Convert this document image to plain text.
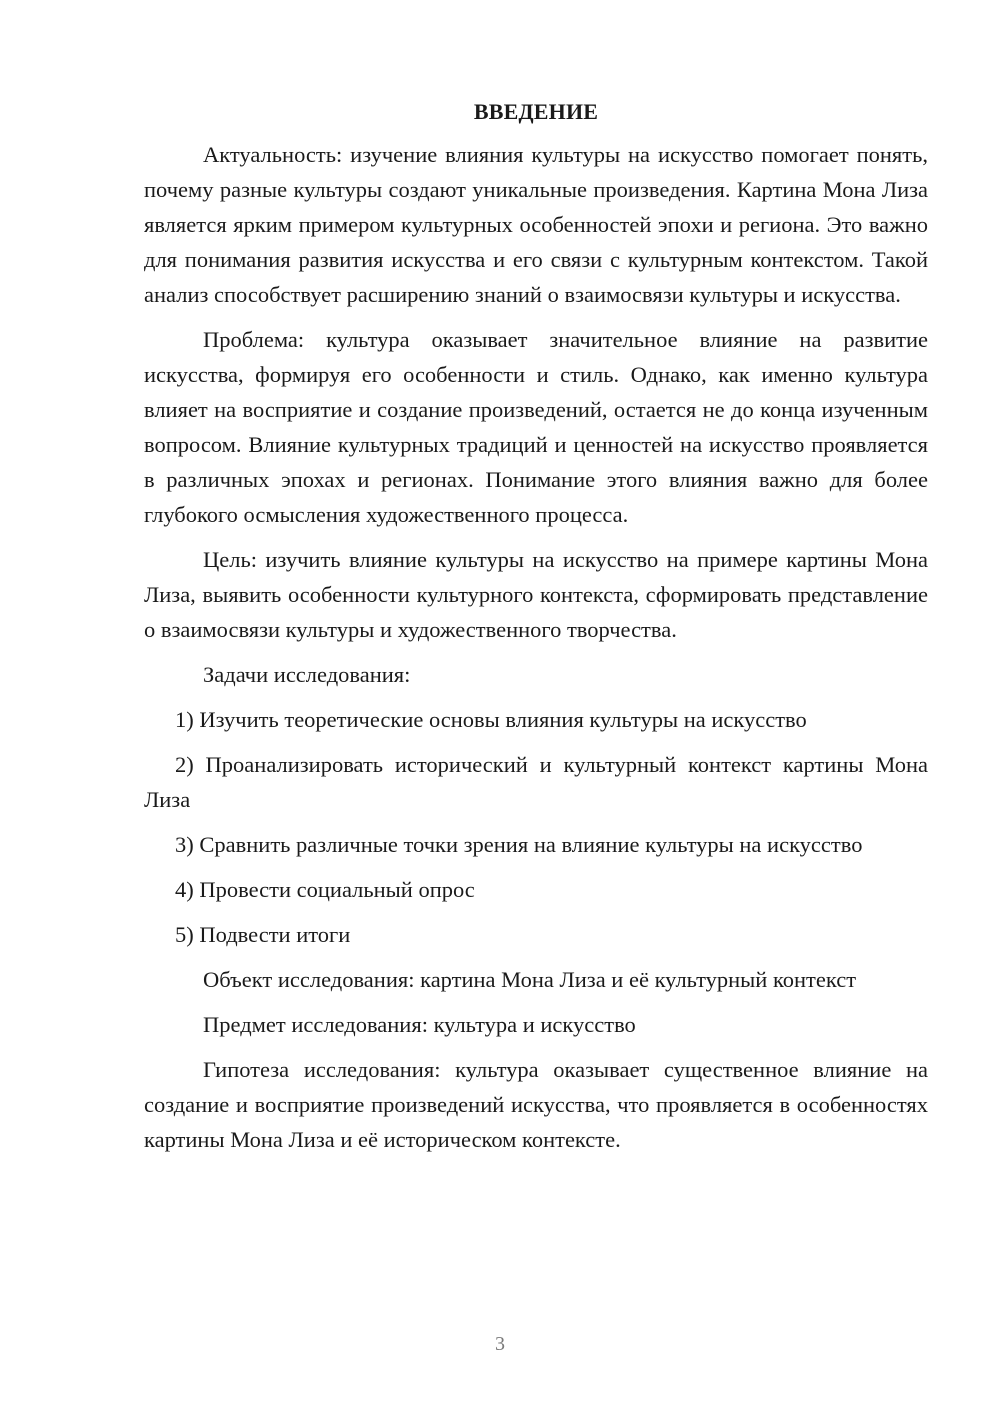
ВВЕДЕНИЕ

Актуальность: изучение влияния культуры на искусство помогает понять, почему разные культуры создают уникальные произведения. Картина Мона Лиза является ярким примером культурных особенностей эпохи и региона. Это важно для понимания развития искусства и его связи с культурным контекстом. Такой анализ способствует расширению знаний о взаимосвязи культуры и искусства.

Проблема: культура оказывает значительное влияние на развитие искусства, формируя его особенности и стиль. Однако, как именно культура влияет на восприятие и создание произведений, остается не до конца изученным вопросом. Влияние культурных традиций и ценностей на искусство проявляется в различных эпохах и регионах. Понимание этого влияния важно для более глубокого осмысления художественного процесса.

Цель: изучить влияние культуры на искусство на примере картины Мона Лиза, выявить особенности культурного контекста, сформировать представление о взаимосвязи культуры и художественного творчества.

Задачи исследования:

1) Изучить теоретические основы влияния культуры на искусство

2) Проанализировать исторический и культурный контекст картины Мона Лиза

3) Сравнить различные точки зрения на влияние культуры на искусство

4) Провести социальный опрос

5) Подвести итоги

Объект исследования: картина Мона Лиза и её культурный контекст

Предмет исследования: культура и искусство

Гипотеза исследования: культура оказывает существенное влияние на создание и восприятие произведений искусства, что проявляется в особенностях картины Мона Лиза и её историческом контексте.

3
